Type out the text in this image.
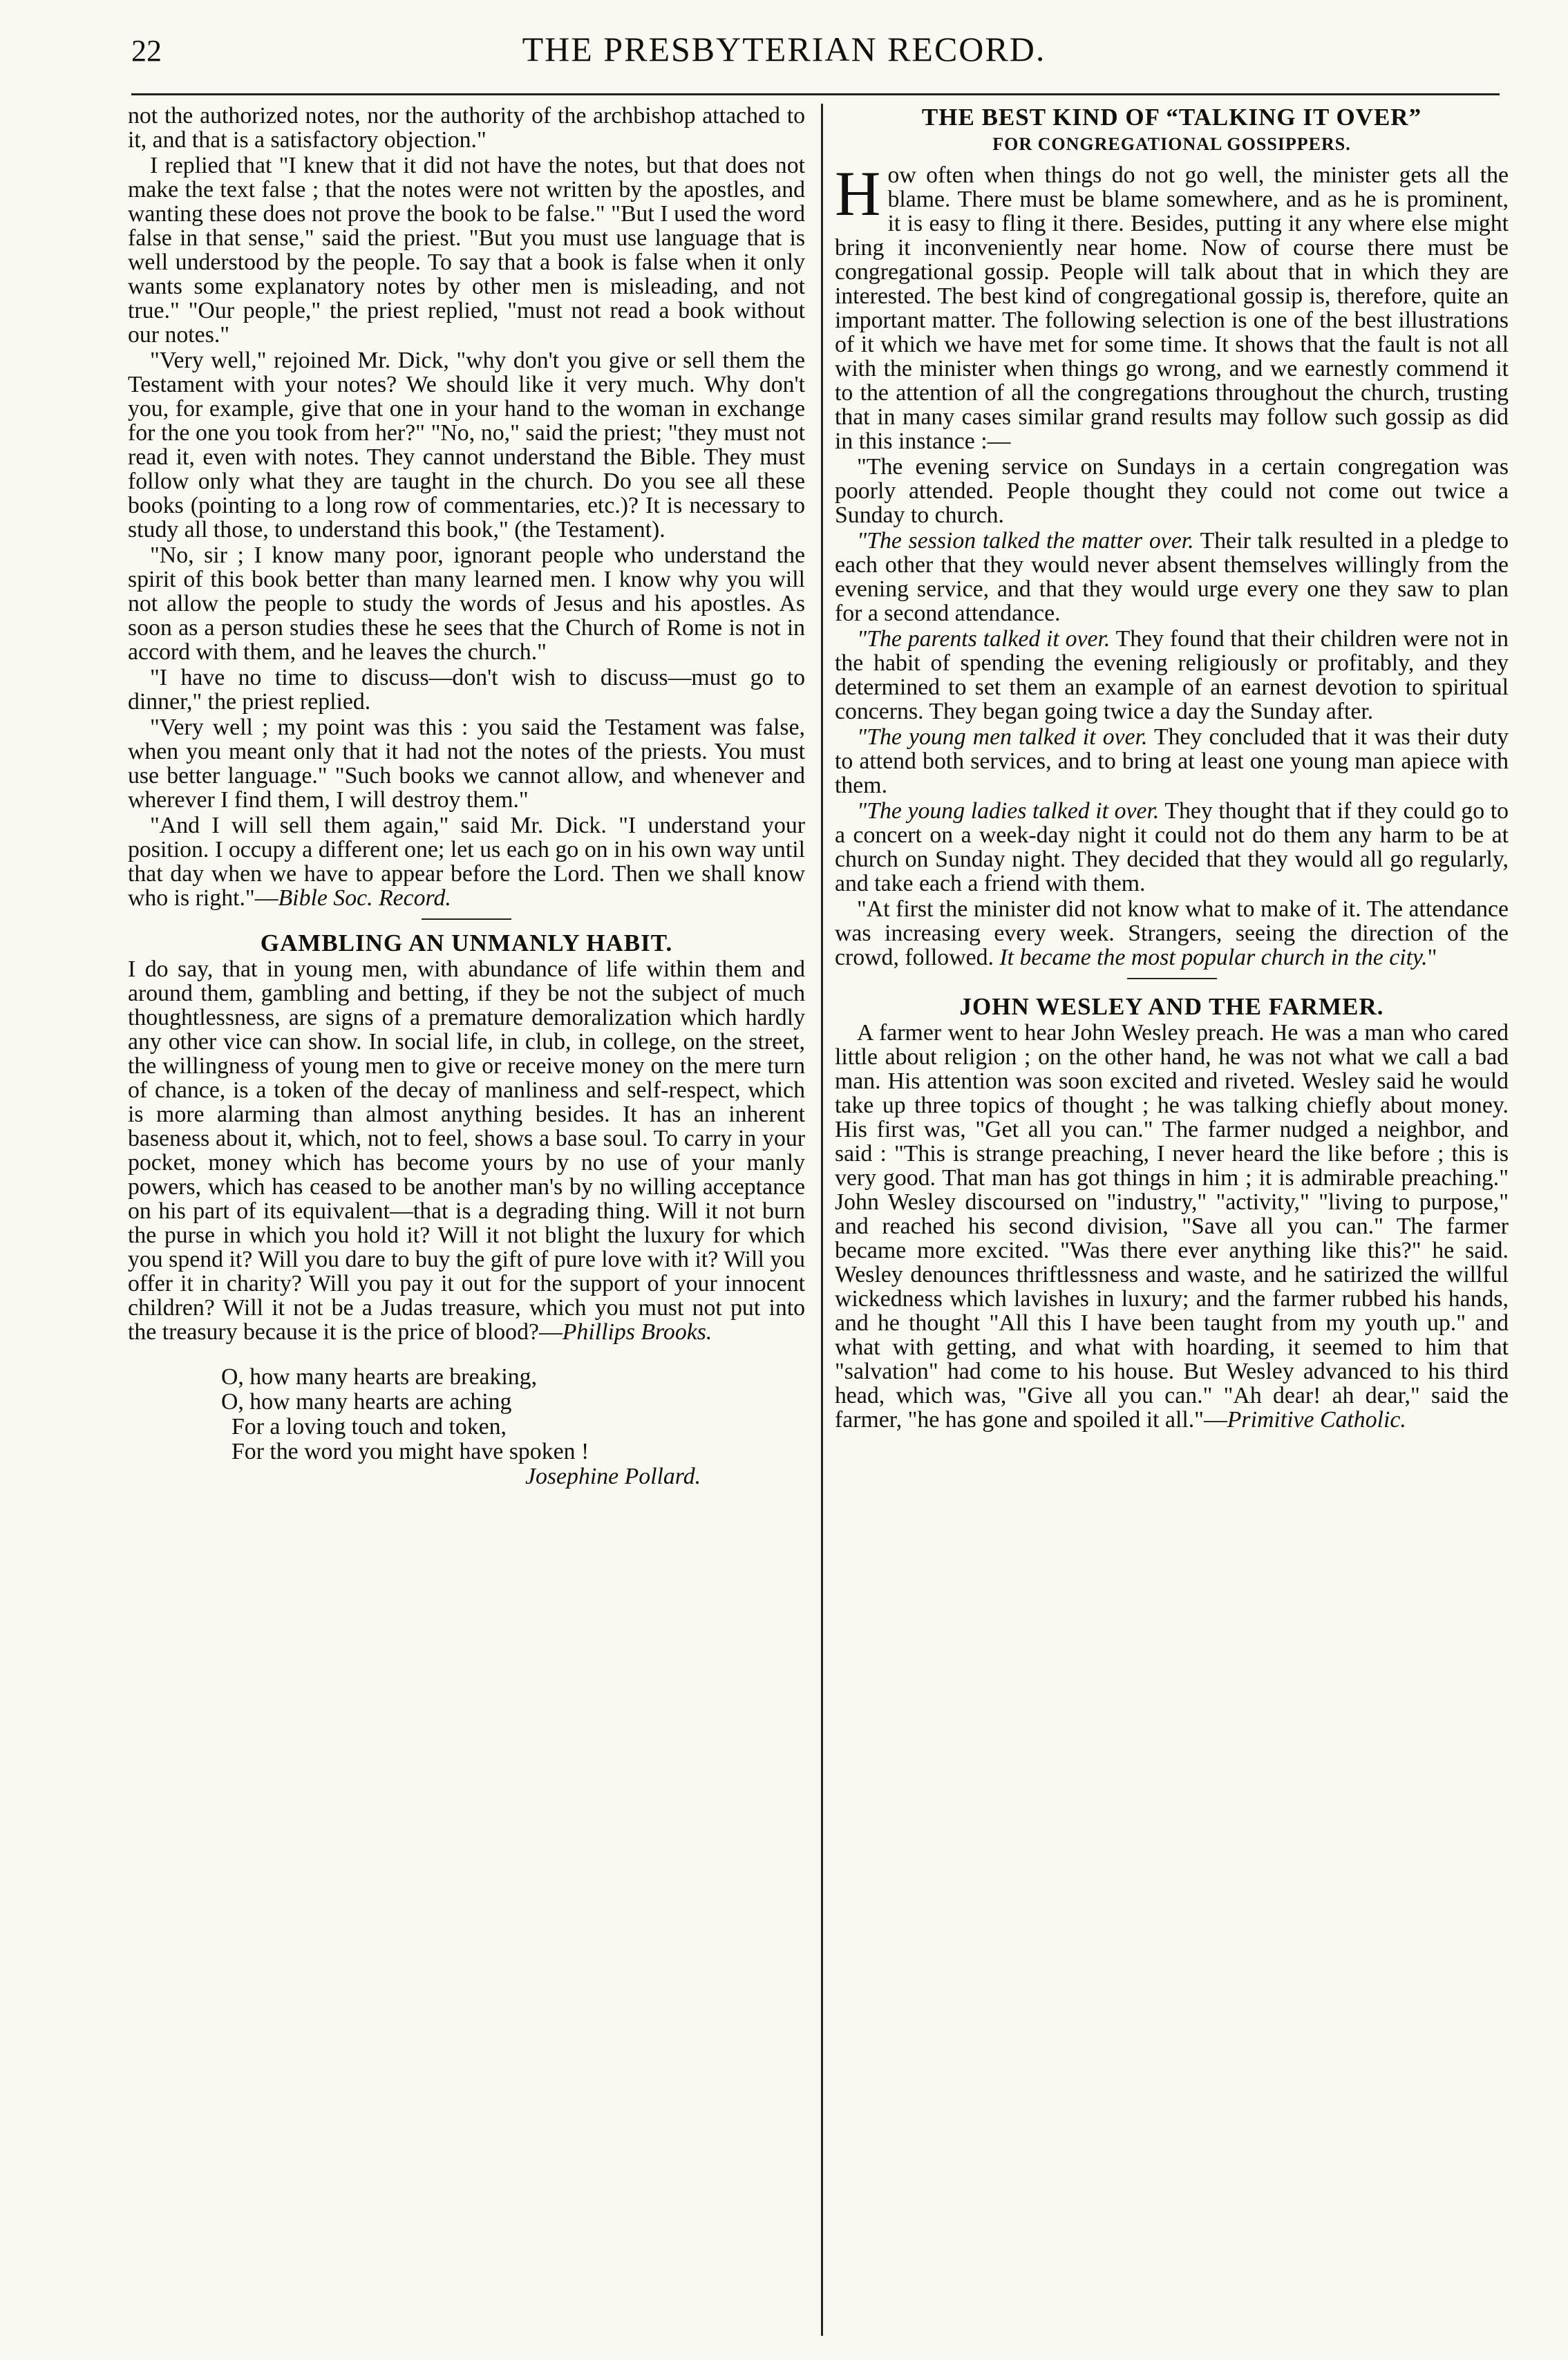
22	THE PRESBYTERIAN RECORD.

not the authorized notes, nor the authority of the archbishop attached to it, and that is a satisfactory objection."

I replied that "I knew that it did not have the notes, but that does not make the text false ; that the notes were not written by the apostles, and wanting these does not prove the book to be false." "But I used the word false in that sense," said the priest. "But you must use language that is well understood by the people. To say that a book is false when it only wants some explanatory notes by other men is misleading, and not true." "Our people," the priest replied, "must not read a book without our notes."

"Very well," rejoined Mr. Dick, "why don't you give or sell them the Testament with your notes? We should like it very much. Why don't you, for example, give that one in your hand to the woman in exchange for the one you took from her?" "No, no," said the priest; "they must not read it, even with notes. They cannot understand the Bible. They must follow only what they are taught in the church. Do you see all these books (pointing to a long row of commentaries, etc.)? It is necessary to study all those, to understand this book," (the Testament).

"No, sir ; I know many poor, ignorant people who understand the spirit of this book better than many learned men. I know why you will not allow the people to study the words of Jesus and his apostles. As soon as a person studies these he sees that the Church of Rome is not in accord with them, and he leaves the church."

"I have no time to discuss—don't wish to discuss—must go to dinner," the priest replied.

"Very well ; my point was this : you said the Testament was false, when you meant only that it had not the notes of the priests. You must use better language." "Such books we cannot allow, and whenever and wherever I find them, I will destroy them."

"And I will sell them again," said Mr. Dick. "I understand your position. I occupy a different one; let us each go on in his own way until that day when we have to appear before the Lord. Then we shall know who is right."—Bible Soc. Record.

GAMBLING AN UNMANLY HABIT.

I do say, that in young men, with abundance of life within them and around them, gambling and betting, if they be not the subject of much thoughtlessness, are signs of a premature demoralization which hardly any other vice can show. In social life, in club, in college, on the street, the willingness of young men to give or receive money on the mere turn of chance, is a token of the decay of manliness and self-respect, which is more alarming than almost anything besides. It has an inherent baseness about it, which, not to feel, shows a base soul. To carry in your pocket, money which has become yours by no use of your manly powers, which has ceased to be another man's by no willing acceptance on his part of its equivalent—that is a degrading thing. Will it not burn the purse in which you hold it? Will it not blight the luxury for which you spend it? Will you dare to buy the gift of pure love with it? Will you offer it in charity? Will you pay it out for the support of your innocent children? Will it not be a Judas treasure, which you must not put into the treasury because it is the price of blood?—Phillips Brooks.

O, how many hearts are breaking,
O, how many hearts are aching
For a loving touch and token,
For the word you might have spoken !
Josephine Pollard.
THE BEST KIND OF “TALKING IT OVER”
FOR CONGREGATIONAL GOSSIPPERS.

How often when things do not go well, the minister gets all the blame. There must be blame somewhere, and as he is prominent, it is easy to fling it there. Besides, putting it any where else might bring it inconveniently near home. Now of course there must be congregational gossip. People will talk about that in which they are interested. The best kind of congregational gossip is, therefore, quite an important matter. The following selection is one of the best illustrations of it which we have met for some time. It shows that the fault is not all with the minister when things go wrong, and we earnestly commend it to the attention of all the congregations throughout the church, trusting that in many cases similar grand results may follow such gossip as did in this instance :—

"The evening service on Sundays in a certain congregation was poorly attended. People thought they could not come out twice a Sunday to church.

"The session talked the matter over. Their talk resulted in a pledge to each other that they would never absent themselves willingly from the evening service, and that they would urge every one they saw to plan for a second attendance.

"The parents talked it over. They found that their children were not in the habit of spending the evening religiously or profitably, and they determined to set them an example of an earnest devotion to spiritual concerns. They began going twice a day the Sunday after.

"The young men talked it over. They concluded that it was their duty to attend both services, and to bring at least one young man apiece with them.

"The young ladies talked it over. They thought that if they could go to a concert on a week-day night it could not do them any harm to be at church on Sunday night. They decided that they would all go regularly, and take each a friend with them.

"At first the minister did not know what to make of it. The attendance was increasing every week. Strangers, seeing the direction of the crowd, followed. It became the most popular church in the city."

JOHN WESLEY AND THE FARMER.

A farmer went to hear John Wesley preach. He was a man who cared little about religion ; on the other hand, he was not what we call a bad man. His attention was soon excited and riveted. Wesley said he would take up three topics of thought ; he was talking chiefly about money. His first was, "Get all you can." The farmer nudged a neighbor, and said : "This is strange preaching, I never heard the like before ; this is very good. That man has got things in him ; it is admirable preaching." John Wesley discoursed on "industry," "activity," "living to purpose," and reached his second division, "Save all you can." The farmer became more excited. "Was there ever anything like this?" he said. Wesley denounces thriftlessness and waste, and he satirized the willful wickedness which lavishes in luxury; and the farmer rubbed his hands, and he thought "All this I have been taught from my youth up." and what with getting, and what with hoarding, it seemed to him that "salvation" had come to his house. But Wesley advanced to his third head, which was, "Give all you can." "Ah dear! ah dear," said the farmer, "he has gone and spoiled it all."—Primitive Catholic.
